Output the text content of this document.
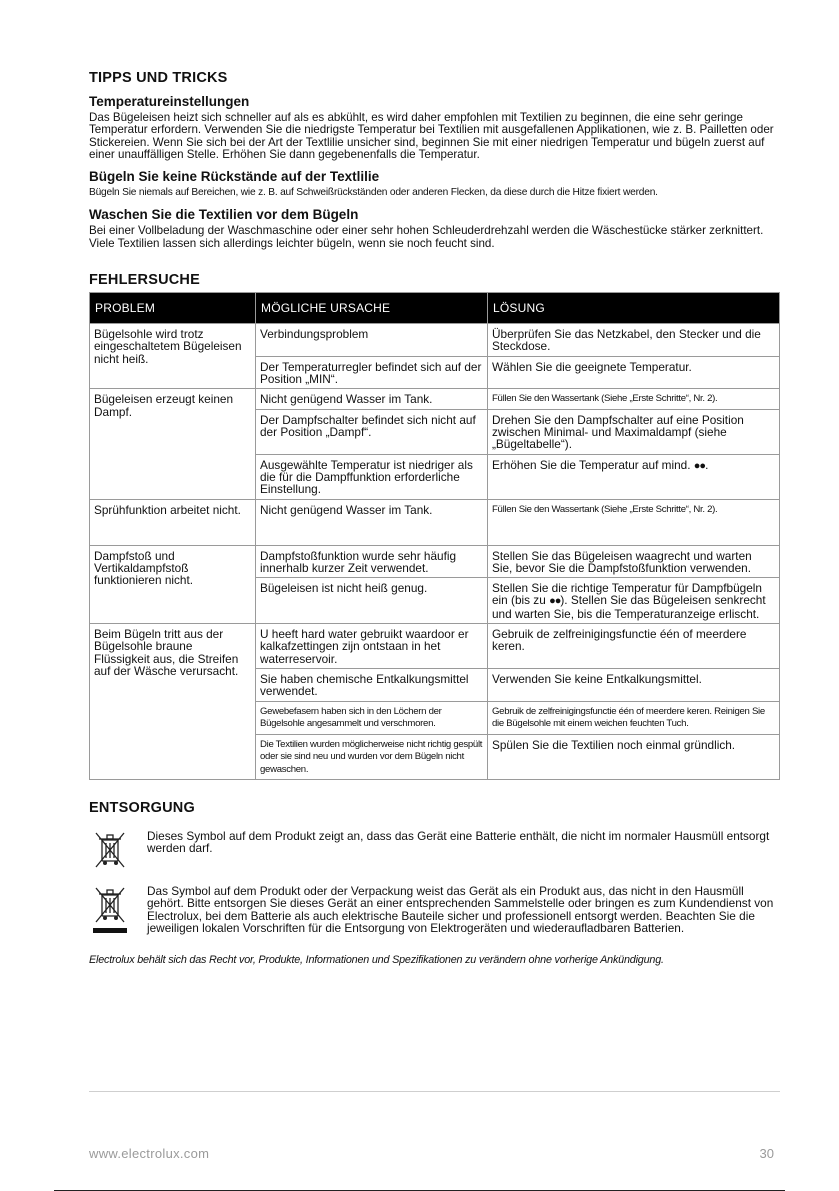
TIPPS UND TRICKS
Temperatureinstellungen

Das Bügeleisen heizt sich schneller auf als es abkühlt, es wird daher empfohlen mit Textilien zu beginnen, die eine sehr geringe Temperatur erfordern. Verwenden Sie die niedrigste Temperatur bei Textilien mit ausgefallenen Applikationen, wie z. B. Pailletten oder Stickereien. Wenn Sie sich bei der Art der Textlilie unsicher sind, beginnen Sie mit einer niedrigen Temperatur und bügeln zuerst auf einer unauffälligen Stelle. Erhöhen Sie dann gegebenenfalls die Temperatur.

Bügeln Sie keine Rückstände auf der Textlilie

Bügeln Sie niemals auf Bereichen, wie z. B. auf Schweißrückständen oder anderen Flecken, da diese durch die Hitze fixiert werden.

Waschen Sie die Textilien vor dem Bügeln

Bei einer Vollbeladung der Waschmaschine oder einer sehr hohen Schleuderdrehzahl werden die Wäschestücke stärker zerknittert. Viele Textilien lassen sich allerdings leichter bügeln, wenn sie noch feucht sind.

FEHLERSUCHE
PROBLEM	MÖGLICHE URSACHE	LÖSUNG
Bügelsohle wird trotz eingeschaltetem Bügeleisen nicht heiß.	Verbindungsproblem	Überprüfen Sie das Netzkabel, den Stecker und die Steckdose.
	Der Temperaturregler befindet sich auf der Position „MIN“.	Wählen Sie die geeignete Temperatur.
Bügeleisen erzeugt keinen Dampf.	Nicht genügend Wasser im Tank.	Füllen Sie den Wassertank (Siehe „Erste Schritte“, Nr. 2).
	Der Dampfschalter befindet sich nicht auf der Position „Dampf“.	Drehen Sie den Dampfschalter auf eine Position zwischen Minimal- und Maximaldampf (siehe „Bügeltabelle“).
	Ausgewählte Temperatur ist niedriger als die für die Dampffunktion erforderliche Einstellung.	Erhöhen Sie die Temperatur auf mind. ●●.
Sprühfunktion arbeitet nicht.	Nicht genügend Wasser im Tank.	Füllen Sie den Wassertank (Siehe „Erste Schritte“, Nr. 2).
Dampfstoß und Vertikaldampfstoß funktionieren nicht.	Dampfstoßfunktion wurde sehr häufig innerhalb kurzer Zeit verwendet.	Stellen Sie das Bügeleisen waagrecht und warten Sie, bevor Sie die Dampfstoßfunktion verwenden.
	Bügeleisen ist nicht heiß genug.	Stellen Sie die richtige Temperatur für Dampfbügeln ein (bis zu ●●). Stellen Sie das Bügeleisen senkrecht und warten Sie, bis die Temperaturanzeige erlischt.
Beim Bügeln tritt aus der Bügelsohle braune Flüssigkeit aus, die Streifen auf der Wäsche verursacht.	U heeft hard water gebruikt waardoor er kalkafzettingen zijn ontstaan in het waterreservoir.	Gebruik de zelfreinigingsfunctie één of meerdere keren.
	Sie haben chemische Entkalkungsmittel verwendet.	Verwenden Sie keine Entkalkungsmittel.
	Gewebefasern haben sich in den Löchern der Bügelsohle angesammelt und verschmoren.	Gebruik de zelfreinigingsfunctie één of meerdere keren. Reinigen Sie die Bügelsohle mit einem weichen feuchten Tuch.
	Die Textilien wurden möglicherweise nicht richtig gespült oder sie sind neu und wurden vor dem Bügeln nicht gewaschen.	Spülen Sie die Textilien noch einmal gründlich.
ENTSORGUNG
Dieses Symbol auf dem Produkt zeigt an, dass das Gerät eine Batterie enthält, die nicht im normaler Hausmüll entsorgt werden darf.
Das Symbol auf dem Produkt oder der Verpackung weist das Gerät als ein Produkt aus, das nicht in den Hausmüll gehört. Bitte entsorgen Sie dieses Gerät an einer entsprechenden Sammelstelle oder bringen es zum Kundendienst von Electrolux, bei dem Batterie als auch elektrische Bauteile sicher und professionell entsorgt werden. Beachten Sie die jeweiligen lokalen Vorschriften für die Entsorgung von Elektrogeräten und wiederaufladbaren Batterien.
Electrolux behält sich das Recht vor, Produkte, Informationen und Spezifikationen zu verändern ohne vorherige Ankündigung.
www.electrolux.com	30
